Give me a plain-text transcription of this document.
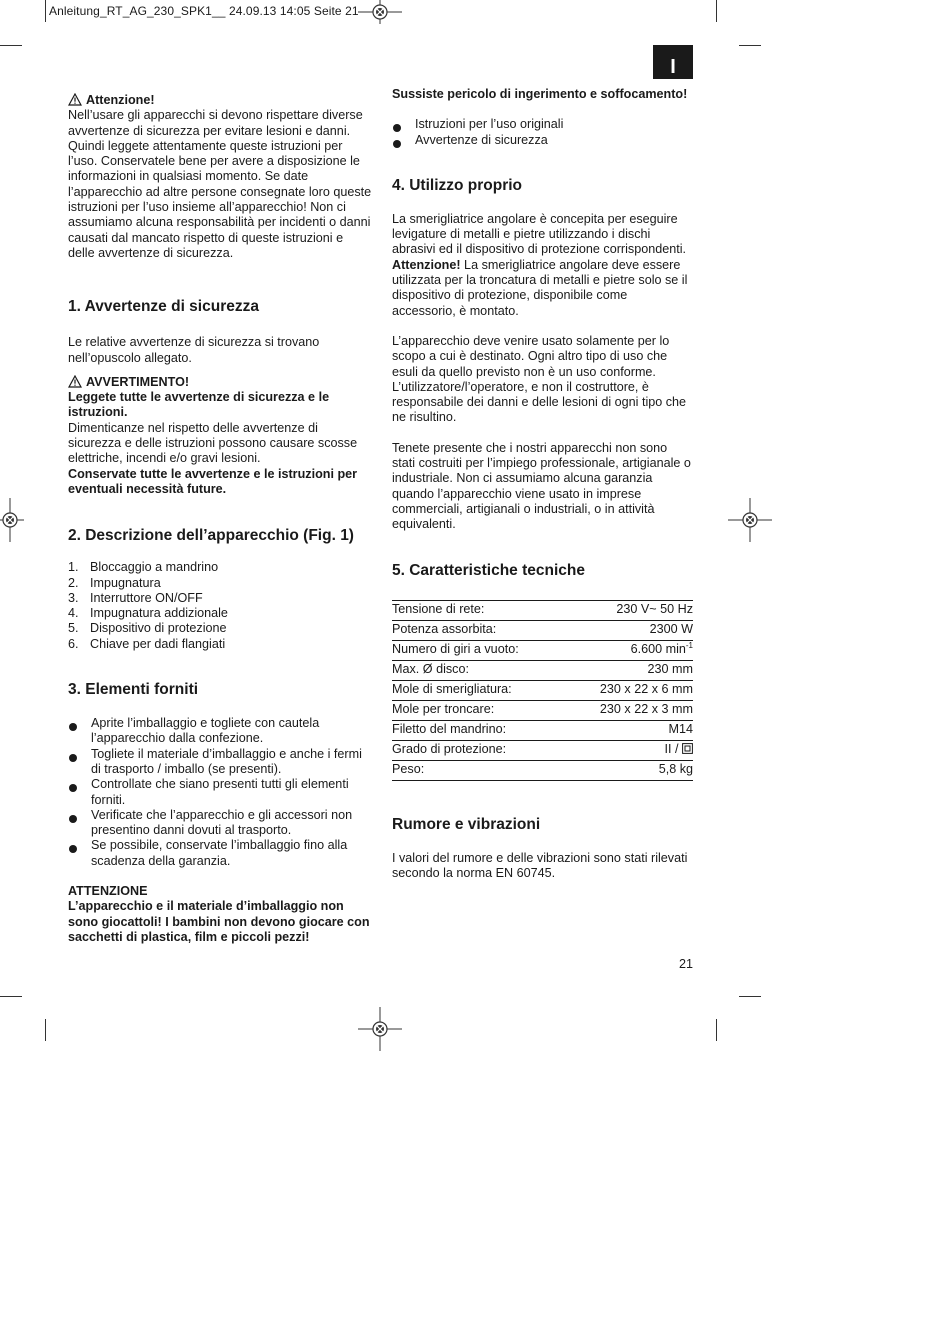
Anleitung_RT_AG_230_SPK1__ 24.09.13 14:05 Seite 21
I

Attenzione!

Nell’usare gli apparecchi si devono rispettare diverse avvertenze di sicurezza per evitare lesioni e danni. Quindi leggete attentamente queste istruzioni per l’uso. Conservatele bene per avere a disposizione le informazioni in qualsiasi momento. Se date l’apparecchio ad altre persone consegnate loro queste istruzioni per l’uso insieme all’apparecchio! Non ci assumiamo alcuna responsabilità per incidenti o danni causati dal mancato rispetto di queste istruzioni e delle avvertenze di sicurezza.

1. Avvertenze di sicurezza

Le relative avvertenze di sicurezza si trovano nell’opuscolo allegato.

AVVERTIMENTO!

Leggete tutte le avvertenze di sicurezza e le istruzioni.

Dimenticanze nel rispetto delle avvertenze di sicurezza e delle istruzioni possono causare scosse elettriche, incendi e/o gravi lesioni.

Conservate tutte le avvertenze e le istruzioni per eventuali necessità future.

2. Descrizione dell’apparecchio (Fig. 1)
1. Bloccaggio a mandrino
2. Impugnatura
3. Interruttore ON/OFF
4. Impugnatura addizionale
5. Dispositivo di protezione
6. Chiave per dadi flangiati
3. Elementi forniti
Aprite l’imballaggio e togliete con cautela l’apparecchio dalla confezione.
Togliete il materiale d’imballaggio e anche i fermi di trasporto / imballo (se presenti).
Controllate che siano presenti tutti gli elementi forniti.
Verificate che l’apparecchio e gli accessori non presentino danni dovuti al trasporto.
Se possibile, conservate l’imballaggio fino alla scadenza della garanzia.

ATTENZIONE

L’apparecchio e il materiale d’imballaggio non sono giocattoli! I bambini non devono giocare con sacchetti di plastica, film e piccoli pezzi!

Sussiste pericolo di ingerimento e soffocamento!

Istruzioni per l’uso originali
Avvertenze di sicurezza
4. Utilizzo proprio

La smerigliatrice angolare è concepita per eseguire levigature di metalli e pietre utilizzando i dischi abrasivi ed il dispositivo di protezione corrispondenti.

Attenzione! La smerigliatrice angolare deve essere utilizzata per la troncatura di metalli e pietre solo se il dispositivo di protezione, disponibile come accessorio, è montato.

L’apparecchio deve venire usato solamente per lo scopo a cui è destinato. Ogni altro tipo di uso che esuli da quello previsto non è un uso conforme. L’utilizzatore/l’operatore, e non il costruttore, è responsabile dei danni e delle lesioni di ogni tipo che ne risultino.

Tenete presente che i nostri apparecchi non sono stati costruiti per l’impiego professionale, artigianale o industriale. Non ci assumiamo alcuna garanzia quando l’apparecchio viene usato in imprese commerciali, artigianali o industriali, o in attività equivalenti.

5. Caratteristiche tecniche
Tensione di rete:	230 V~ 50 Hz
Potenza assorbita:	2300 W
Numero di giri a vuoto:	6.600 $\min^{-1}$
Max. Ø disco:	230 mm
Mole di smerigliatura:	230 x 22 x 6 mm
Mole per troncare:	230 x 22 x 3 mm
Filetto del mandrino:	M14
Grado di protezione:	II /
Peso:	5,8 kg
Rumore e vibrazioni

I valori del rumore e delle vibrazioni sono stati rilevati secondo la norma EN 60745.

21
